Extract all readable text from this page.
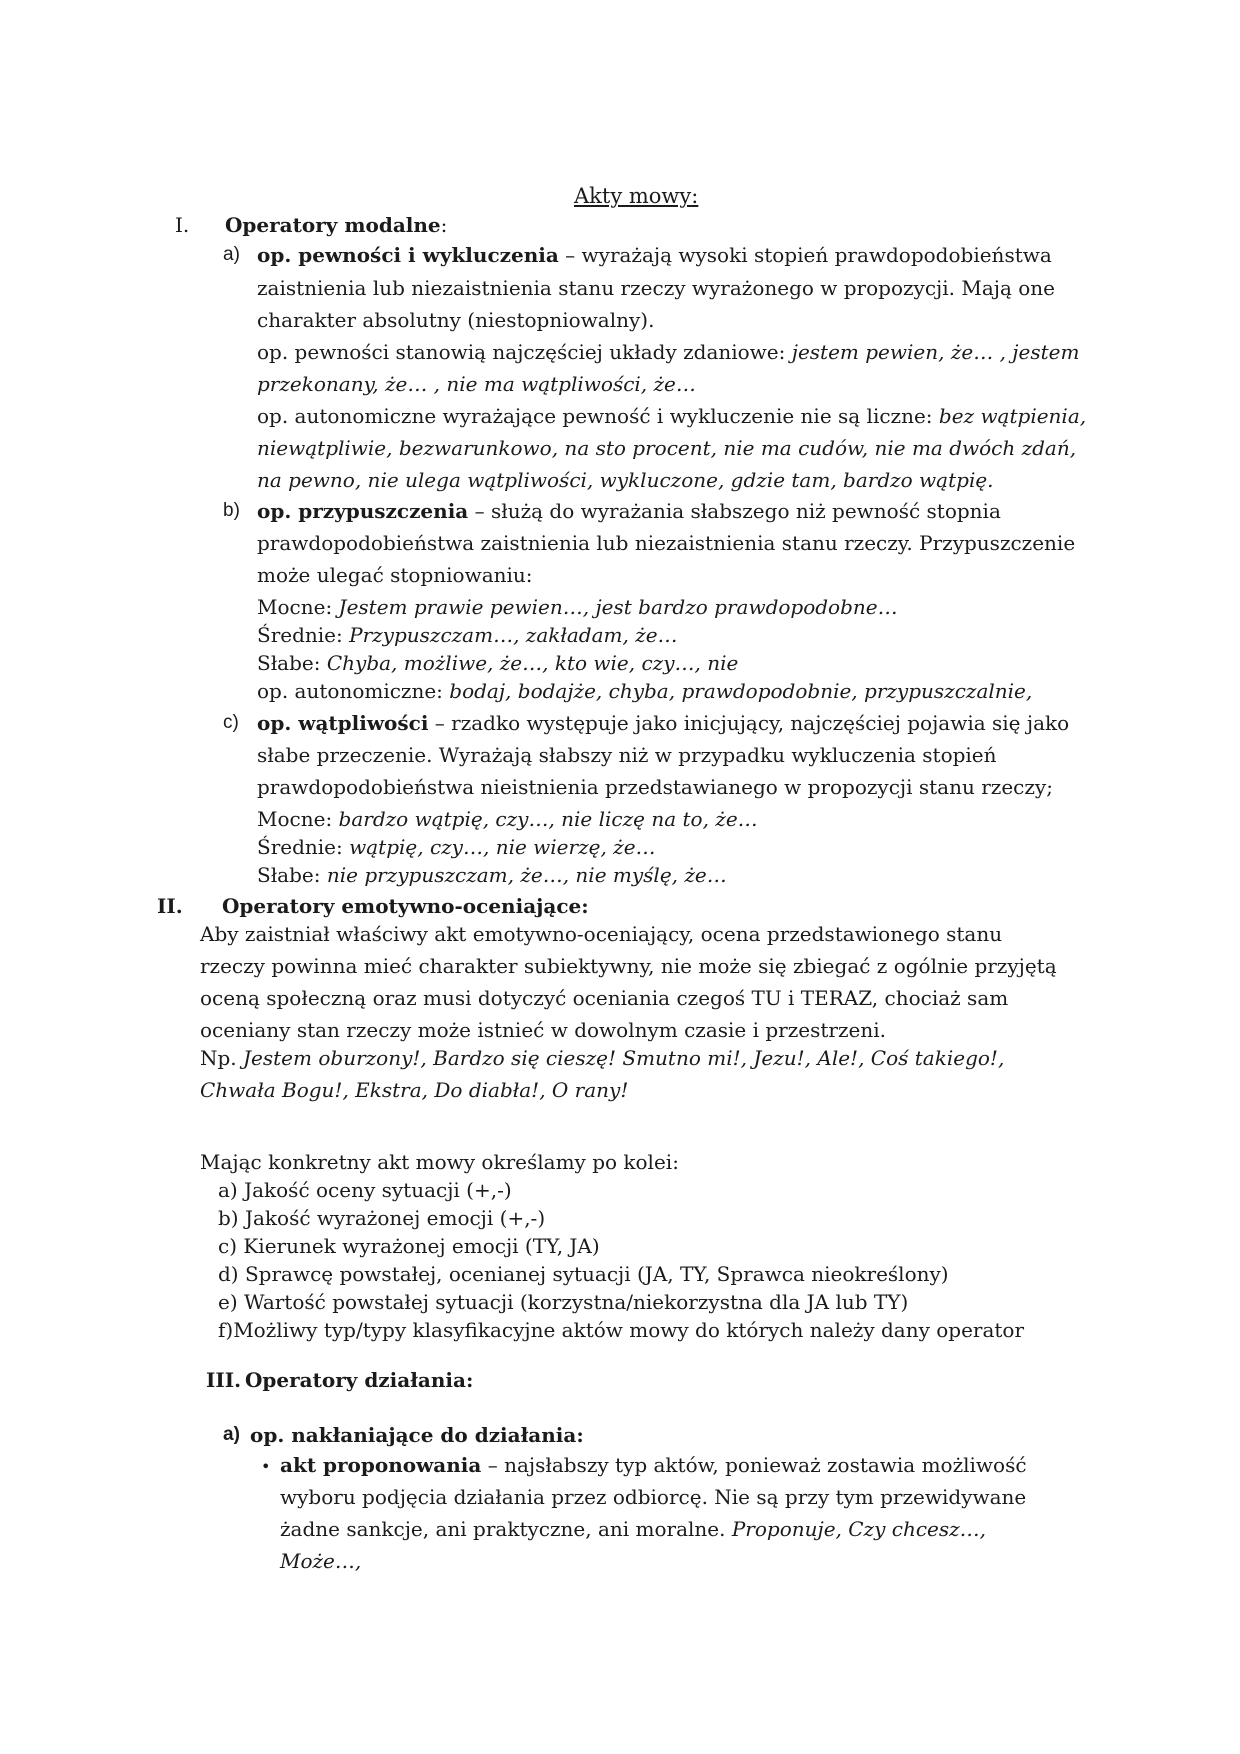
Akty mowy:
I. Operatory modalne:
a) op. pewności i wykluczenia – wyrażają wysoki stopień prawdopodobieństwa
zaistnienia lub niezaistnienia stanu rzeczy wyrażonego w propozycji. Mają one
charakter absolutny (niestopniowalny).
op. pewności stanowią najczęściej układy zdaniowe: jestem pewien, że… , jestem
przekonany, że… , nie ma wątpliwości, że…
op. autonomiczne wyrażające pewność i wykluczenie nie są liczne: bez wątpienia,
niewątpliwie, bezwarunkowo, na sto procent, nie ma cudów, nie ma dwóch zdań,
na pewno, nie ulega wątpliwości, wykluczone, gdzie tam, bardzo wątpię.
b) op. przypuszczenia – służą do wyrażania słabszego niż pewność stopnia
prawdopodobieństwa zaistnienia lub niezaistnienia stanu rzeczy. Przypuszczenie
może ulegać stopniowaniu:
Mocne: Jestem prawie pewien…, jest bardzo prawdopodobne…
Średnie: Przypuszczam…, zakładam, że…
Słabe: Chyba, możliwe, że…, kto wie, czy…, nie
op. autonomiczne: bodaj, bodajże, chyba, prawdopodobnie, przypuszczalnie,
c) op. wątpliwości – rzadko występuje jako inicjujący, najczęściej pojawia się jako
słabe przeczenie. Wyrażają słabszy niż w przypadku wykluczenia stopień
prawdopodobieństwa nieistnienia przedstawianego w propozycji stanu rzeczy;
Mocne: bardzo wątpię, czy…, nie liczę na to, że…
Średnie: wątpię, czy…, nie wierzę, że…
Słabe: nie przypuszczam, że…, nie myślę, że…
II. Operatory emotywno-oceniające:
Aby zaistniał właściwy akt emotywno-oceniający, ocena przedstawionego stanu
rzeczy powinna mieć charakter subiektywny, nie może się zbiegać z ogólnie przyjętą
oceną społeczną oraz musi dotyczyć oceniania czegoś TU i TERAZ, chociaż sam
oceniany stan rzeczy może istnieć w dowolnym czasie i przestrzeni.
Np. Jestem oburzony!, Bardzo się cieszę! Smutno mi!, Jezu!, Ale!, Coś takiego!,
Chwała Bogu!, Ekstra, Do diabła!, O rany!
Mając konkretny akt mowy określamy po kolei:
a) Jakość oceny sytuacji (+,-)
b) Jakość wyrażonej emocji (+,-)
c) Kierunek wyrażonej emocji (TY, JA)
d) Sprawcę powstałej, ocenianej sytuacji (JA, TY, Sprawca nieokreślony)
e) Wartość powstałej sytuacji (korzystna/niekorzystna dla JA lub TY)
f)Możliwy typ/typy klasyfikacyjne aktów mowy do których należy dany operator
III. Operatory działania:
a) op. nakłaniające do działania:
• akt proponowania – najsłabszy typ aktów, ponieważ zostawia możliwość
wyboru podjęcia działania przez odbiorcę. Nie są przy tym przewidywane
żadne sankcje, ani praktyczne, ani moralne. Proponuje, Czy chcesz…,
Może…,
